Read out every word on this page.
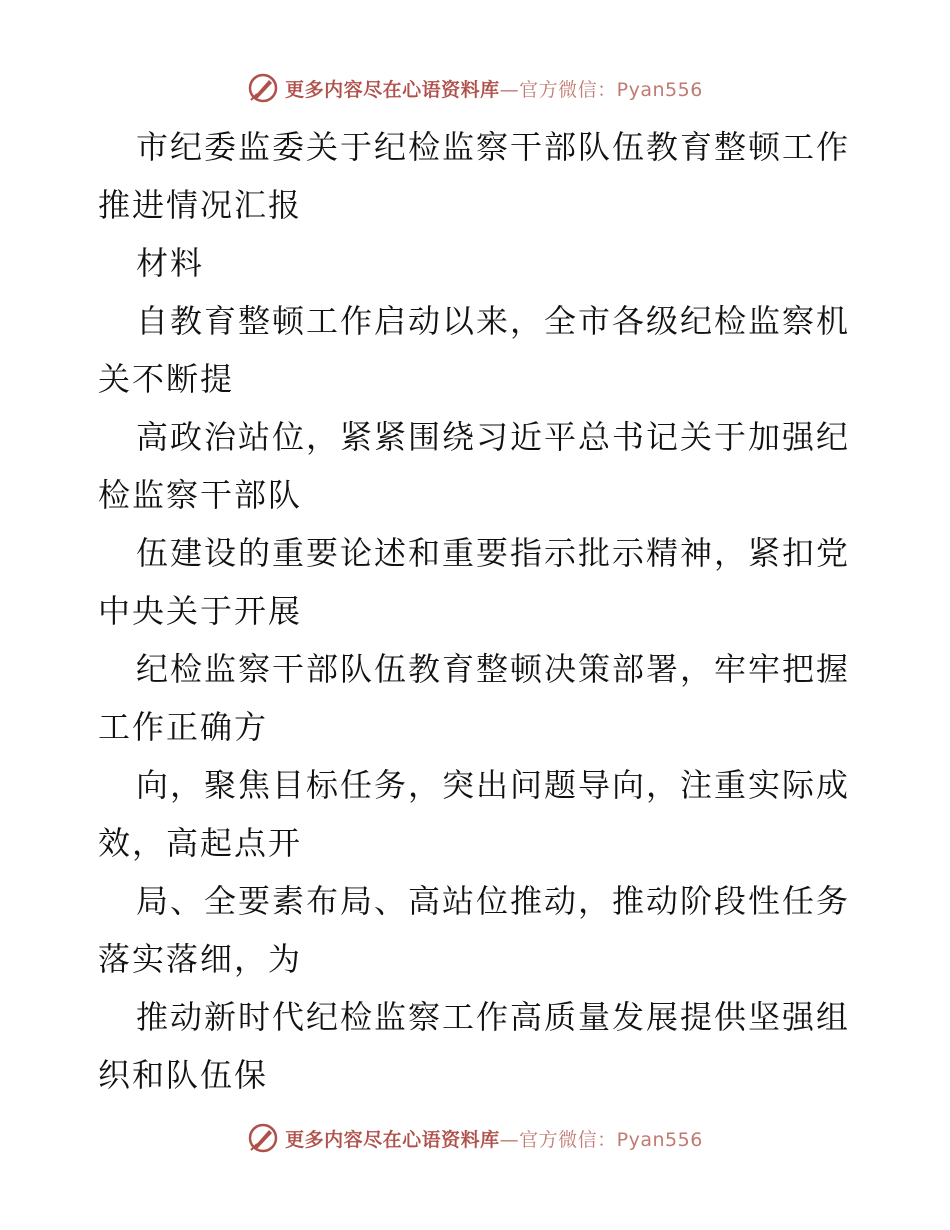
更多内容尽在心语资料库—官方微信：Pyan556
市纪委监委关于纪检监察干部队伍教育整顿工作
推进情况汇报
材料
自教育整顿工作启动以来，全市各级纪检监察机
关不断提
高政治站位，紧紧围绕习近平总书记关于加强纪
检监察干部队
伍建设的重要论述和重要指示批示精神，紧扣党
中央关于开展
纪检监察干部队伍教育整顿决策部署，牢牢把握
工作正确方
向，聚焦目标任务，突出问题导向，注重实际成
效，高起点开
局、全要素布局、高站位推动，推动阶段性任务
落实落细，为
推动新时代纪检监察工作高质量发展提供坚强组
织和队伍保
更多内容尽在心语资料库—官方微信：Pyan556
